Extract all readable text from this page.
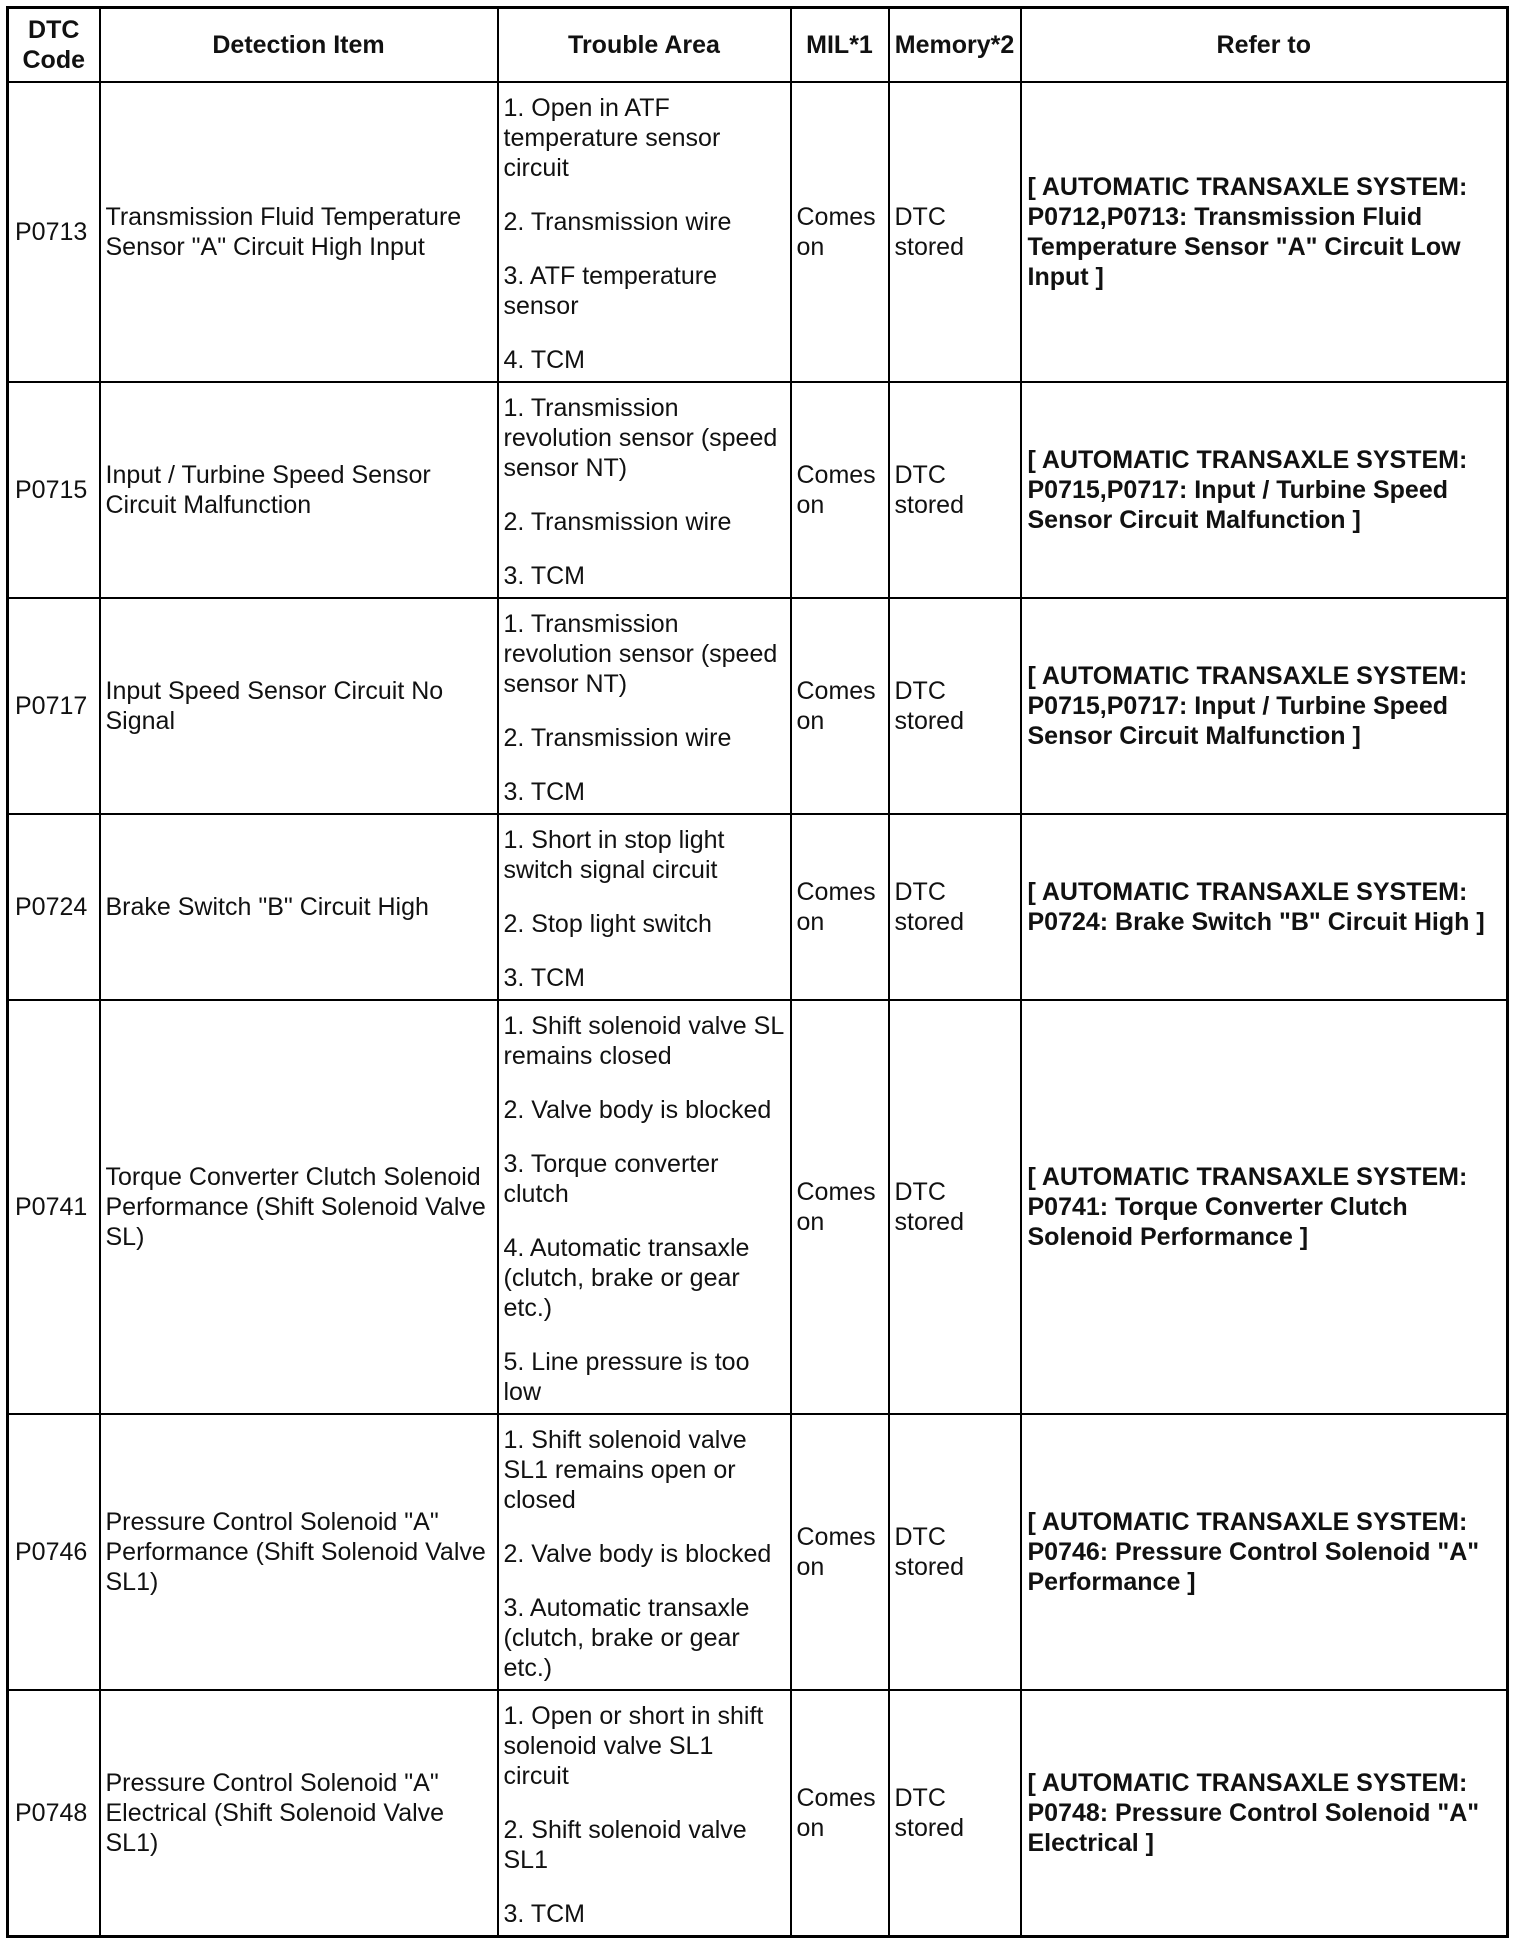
DTC Code	Detection Item	Trouble Area	MIL*1	Memory*2	Refer to
P0713	Transmission Fluid Temperature Sensor "A" Circuit High Input	1. Open in ATF temperature sensor circuit
2. Transmission wire
3. ATF temperature sensor
4. TCM	Comes on	DTC stored	[ AUTOMATIC TRANSAXLE SYSTEM: P0712,P0713: Transmission Fluid Temperature Sensor "A" Circuit Low Input ]
P0715	Input / Turbine Speed Sensor Circuit Malfunction	1. Transmission revolution sensor (speed sensor NT)
2. Transmission wire
3. TCM	Comes on	DTC stored	[ AUTOMATIC TRANSAXLE SYSTEM: P0715,P0717: Input / Turbine Speed Sensor Circuit Malfunction ]
P0717	Input Speed Sensor Circuit No Signal	1. Transmission revolution sensor (speed sensor NT)
2. Transmission wire
3. TCM	Comes on	DTC stored	[ AUTOMATIC TRANSAXLE SYSTEM: P0715,P0717: Input / Turbine Speed Sensor Circuit Malfunction ]
P0724	Brake Switch "B" Circuit High	1. Short in stop light switch signal circuit
2. Stop light switch
3. TCM	Comes on	DTC stored	[ AUTOMATIC TRANSAXLE SYSTEM: P0724: Brake Switch "B" Circuit High ]
P0741	Torque Converter Clutch Solenoid Performance (Shift Solenoid Valve SL)	1. Shift solenoid valve SL remains closed
2. Valve body is blocked
3. Torque converter clutch
4. Automatic transaxle (clutch, brake or gear etc.)
5. Line pressure is too low	Comes on	DTC stored	[ AUTOMATIC TRANSAXLE SYSTEM: P0741: Torque Converter Clutch Solenoid Performance ]
P0746	Pressure Control Solenoid "A" Performance (Shift Solenoid Valve SL1)	1. Shift solenoid valve SL1 remains open or closed
2. Valve body is blocked
3. Automatic transaxle (clutch, brake or gear etc.)	Comes on	DTC stored	[ AUTOMATIC TRANSAXLE SYSTEM: P0746: Pressure Control Solenoid "A" Performance ]
P0748	Pressure Control Solenoid "A" Electrical (Shift Solenoid Valve SL1)	1. Open or short in shift solenoid valve SL1 circuit
2. Shift solenoid valve SL1
3. TCM	Comes on	DTC stored	[ AUTOMATIC TRANSAXLE SYSTEM: P0748: Pressure Control Solenoid "A" Electrical ]
